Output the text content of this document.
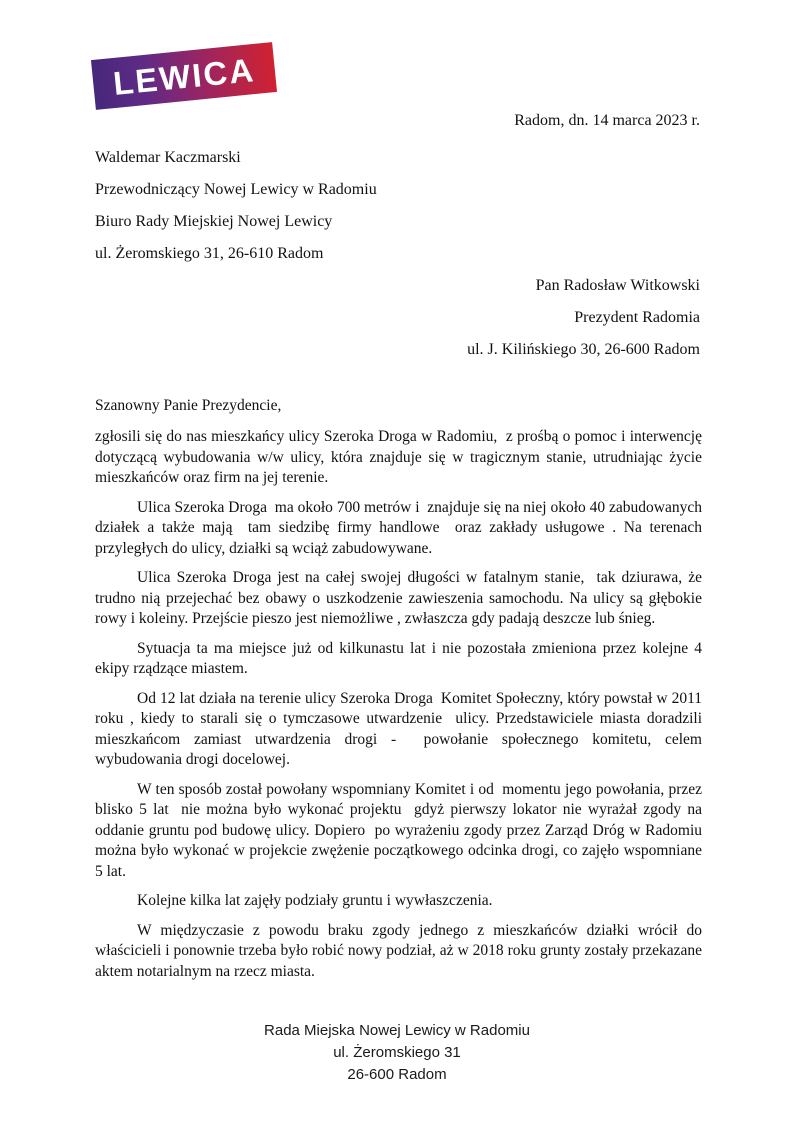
LEWICA
Radom, dn. 14 marca 2023 r.
Waldemar Kaczmarski
Przewodniczący Nowej Lewicy w Radomiu
Biuro Rady Miejskiej Nowej Lewicy
ul. Żeromskiego 31, 26-610 Radom
Pan Radosław Witkowski
Prezydent Radomia
ul. J. Kilińskiego 30, 26-600 Radom
Szanowny Panie Prezydencie,

zgłosili się do nas mieszkańcy ulicy Szeroka Droga w Radomiu,  z prośbą o pomoc i interwencję dotyczącą wybudowania w/w ulicy, która znajduje się w tragicznym stanie, utrudniając życie mieszkańców oraz firm na jej terenie.

Ulica Szeroka Droga  ma około 700 metrów i  znajduje się na niej około 40 zabudowanych działek a także mają  tam siedzibę firmy handlowe  oraz zakłady usługowe . Na terenach przyległych do ulicy, działki są wciąż zabudowywane.

Ulica Szeroka Droga jest na całej swojej długości w fatalnym stanie,  tak dziurawa, że trudno nią przejechać bez obawy o uszkodzenie zawieszenia samochodu. Na ulicy są głębokie rowy i koleiny. Przejście pieszo jest niemożliwe , zwłaszcza gdy padają deszcze lub śnieg.

Sytuacja ta ma miejsce już od kilkunastu lat i nie pozostała zmieniona przez kolejne 4 ekipy rządzące miastem.

Od 12 lat działa na terenie ulicy Szeroka Droga  Komitet Społeczny, który powstał w 2011 roku , kiedy to starali się o tymczasowe utwardzenie  ulicy. Przedstawiciele miasta doradzili mieszkańcom zamiast utwardzenia drogi -  powołanie społecznego komitetu, celem wybudowania drogi docelowej.

W ten sposób został powołany wspomniany Komitet i od  momentu jego powołania, przez blisko 5 lat  nie można było wykonać projektu  gdyż pierwszy lokator nie wyrażał zgody na oddanie gruntu pod budowę ulicy. Dopiero  po wyrażeniu zgody przez Zarząd Dróg w Radomiu można było wykonać w projekcie zwężenie początkowego odcinka drogi, co zajęło wspomniane 5 lat.

Kolejne kilka lat zajęły podziały gruntu i wywłaszczenia.

W międzyczasie z powodu braku zgody jednego z mieszkańców działki wrócił do właścicieli i ponownie trzeba było robić nowy podział, aż w 2018 roku grunty zostały przekazane aktem notarialnym na rzecz miasta.

Rada Miejska Nowej Lewicy w Radomiu
ul. Żeromskiego 31
26-600 Radom
